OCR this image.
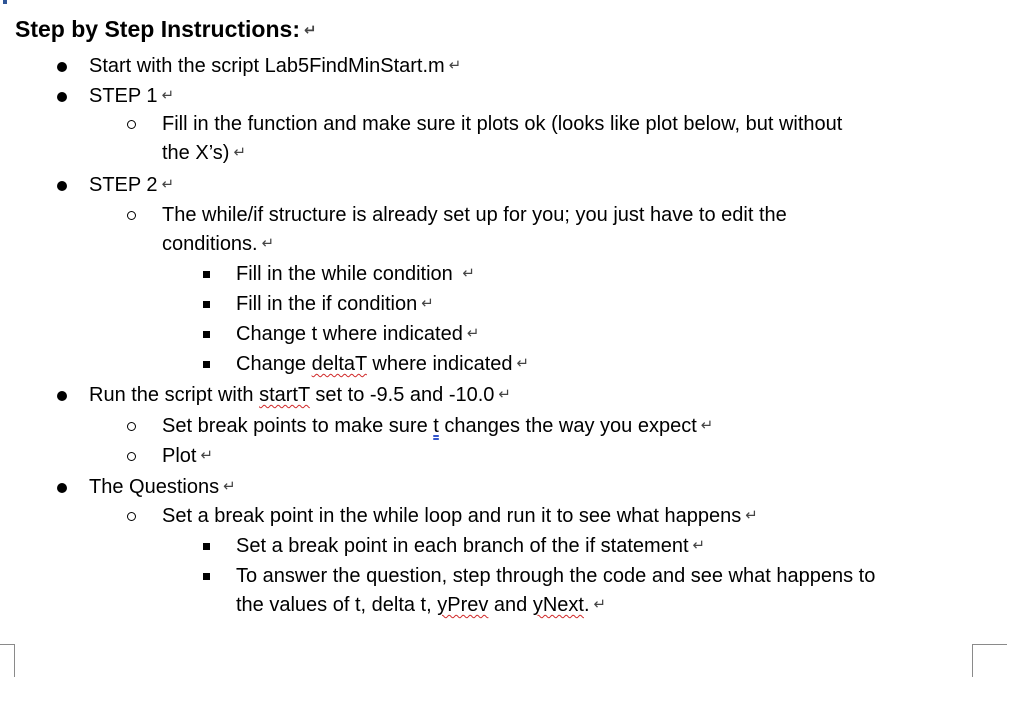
Step by Step Instructions: ↵
Start with the script Lab5FindMinStart.m ↵
STEP 1 ↵
Fill in the function and make sure it plots ok (looks like plot below, but without
the X’s) ↵
STEP 2 ↵
The while/if structure is already set up for you; you just have to edit the
conditions. ↵
Fill in the while condition ↵
Fill in the if condition ↵
Change t where indicated ↵
Change deltaT where indicated ↵
Run the script with startT set to -9.5 and -10.0 ↵
Set break points to make sure t changes the way you expect ↵
Plot ↵
The Questions ↵
Set a break point in the while loop and run it to see what happens ↵
Set a break point in each branch of the if statement ↵
To answer the question, step through the code and see what happens to
the values of t, delta t, yPrev and yNext. ↵
